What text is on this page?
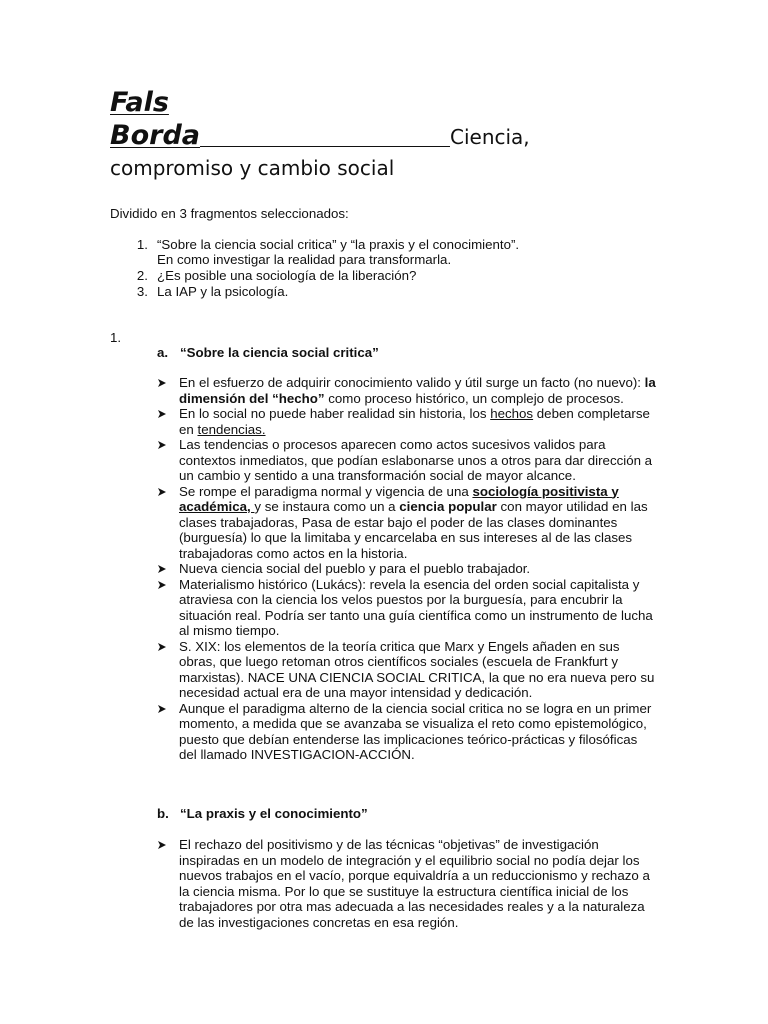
Fals
Borda	Ciencia,
compromiso y cambio social
Dividido en 3 fragmentos seleccionados:
1. “Sobre la ciencia social critica” y “la praxis y el conocimiento”.
En como investigar la realidad para transformarla.
2. ¿Es posible una sociología de la liberación?
3. La IAP y la psicología.
1.
a. “Sobre la ciencia social critica”
En el esfuerzo de adquirir conocimiento valido y útil surge un facto (no nuevo): la dimensión del “hecho” como proceso histórico, un complejo de procesos.
En lo social no puede haber realidad sin historia, los hechos deben completarse en tendencias.
Las tendencias o procesos aparecen como actos sucesivos validos para contextos inmediatos, que podían eslabonarse unos a otros para dar dirección a un cambio y sentido a una transformación social de mayor alcance.
Se rompe el paradigma normal y vigencia de una sociología positivista y académica, y se instaura como un a ciencia popular con mayor utilidad en las clases trabajadoras, Pasa de estar bajo el poder de las clases dominantes (burguesía) lo que la limitaba y encarcelaba en sus intereses al de las clases trabajadoras como actos en la historia.
Nueva ciencia social del pueblo y para el pueblo trabajador.
Materialismo histórico (Lukács): revela la esencia del orden social capitalista y atraviesa con la ciencia los velos puestos por la burguesía, para encubrir la situación real. Podría ser tanto una guía científica como un instrumento de lucha al mismo tiempo.
S. XIX: los elementos de la teoría critica que Marx y Engels añaden en sus obras, que luego retoman otros científicos sociales (escuela de Frankfurt y marxistas). NACE UNA CIENCIA SOCIAL CRITICA, la que no era nueva pero su necesidad actual era de una mayor intensidad y dedicación.
Aunque el paradigma alterno de la ciencia social critica no se logra en un primer momento, a medida que se avanzaba se visualiza el reto como epistemológico, puesto que debían entenderse las implicaciones teórico-prácticas y filosóficas del llamado INVESTIGACION-ACCIÓN.
b. “La praxis y el conocimiento”
El rechazo del positivismo y de las técnicas “objetivas” de investigación inspiradas en un modelo de integración y el equilibrio social no podía dejar los nuevos trabajos en el vacío, porque equivaldría a un reduccionismo y rechazo a la ciencia misma. Por lo que se sustituye la estructura científica inicial de los trabajadores por otra mas adecuada a las necesidades reales y a la naturaleza de las investigaciones concretas en esa región.
